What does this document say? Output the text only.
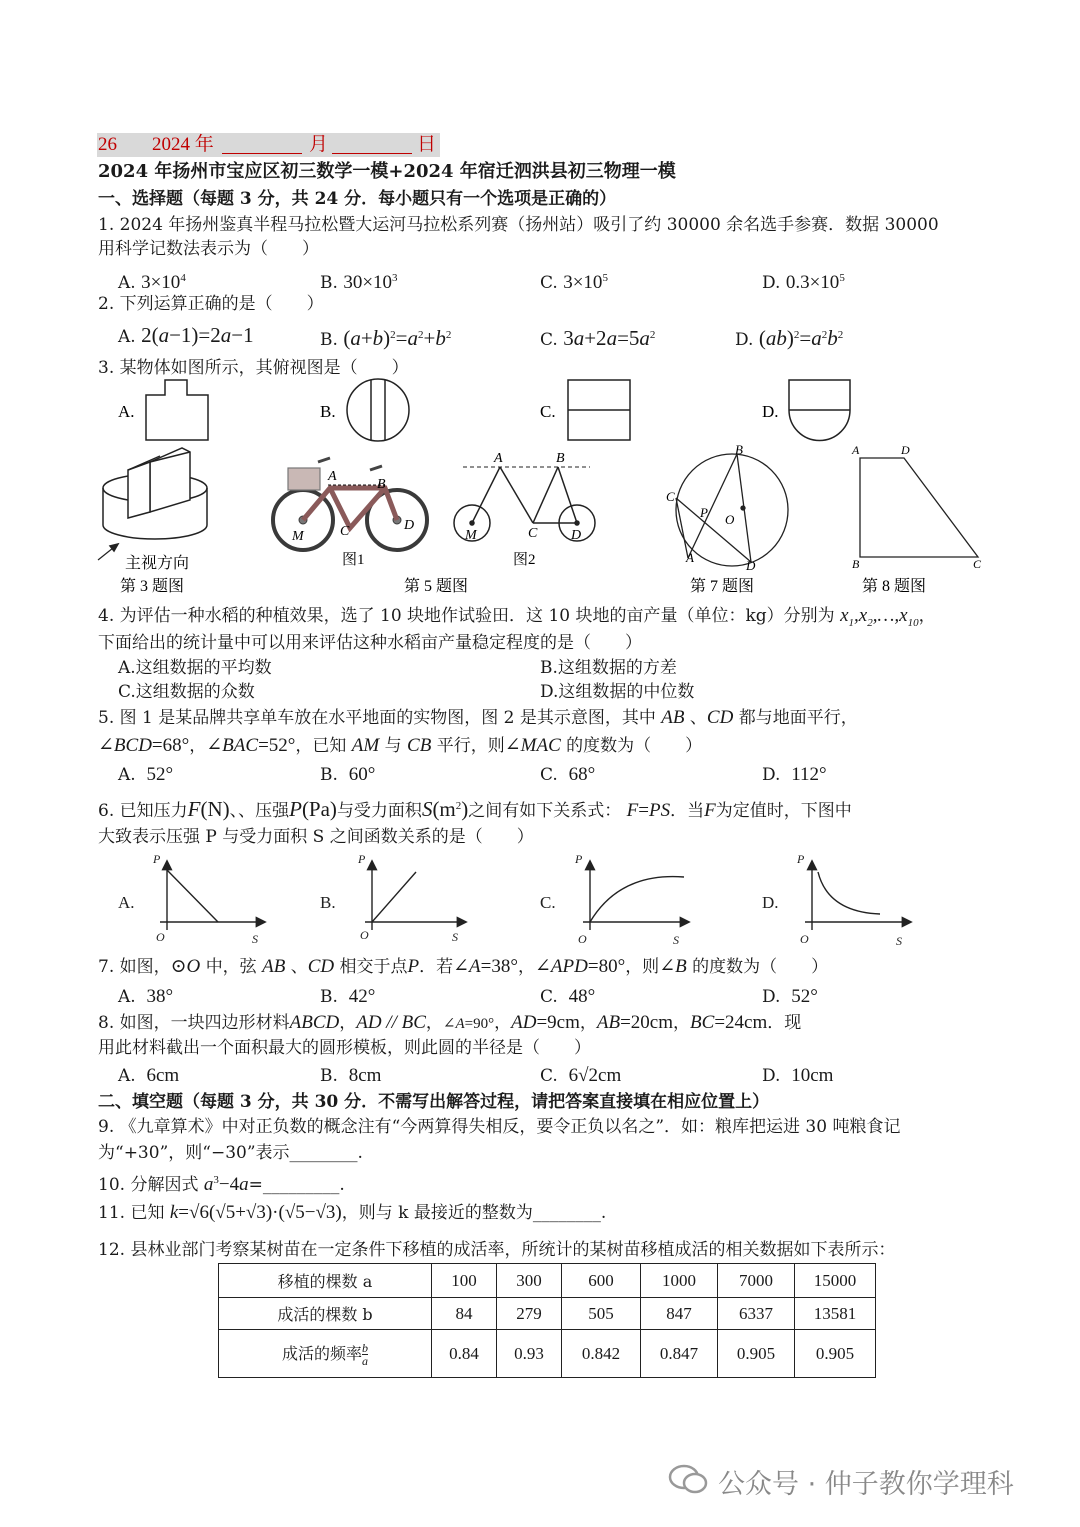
26 2024 年	月	日
2024 年扬州市宝应区初三数学一模+2024 年宿迁泗洪县初三物理一模
一、选择题（每题 3 分，共 24 分．每小题只有一个选项是正确的）
1. 2024 年扬州鉴真半程马拉松暨大运河马拉松系列赛（扬州站）吸引了约 30000 余名选手参赛．数据 30000
用科学记数法表示为（　　）
A. $3\times 10^4$	B. $30\times 10^3$	C. $3\times 10^5$	D. $0.3\times 10^5$
2. 下列运算正确的是（　　）
A. 2(a−1)=2a−1	B. $(a+b)^2=a^2+b^2$	C. $3a+2a=5a^2$	D. $(ab)^2=a^2b^2$
3. 某物体如图所示，其俯视图是（　　）
A.	B.	C.	D.
主视方向
A
B
M	C	D
图1
A	B
M	C D
图2
B
C
P O
A
D
A	D
B	C
第 3 题图	第 5 题图	第 7 题图	第 8 题图
4. 为评估一种水稻的种植效果，选了 10 块地作试验田．这 10 块地的亩产量（单位：kg）分别为 $x_1,x_2,\dots,x_{10}$，
下面给出的统计量中可以用来评估这种水稻亩产量稳定程度的是（　　）
A.这组数据的平均数	B.这组数据的方差
C.这组数据的众数	D.这组数据的中位数
5. 图 1 是某品牌共享单车放在水平地面的实物图，图 2 是其示意图，其中 AB 、CD 都与地面平行，
∠BCD=68°，∠BAC=52°，已知 AM 与 CB 平行，则∠MAC 的度数为（　　）
A.  52°	B.  60°	C.  68°	D.  112°
6. 已知压力F(N)、、压强P(Pa)与受力面积$S(m^2)$之间有如下关系式： F=PS．当F为定值时，下图中
大致表示压强 P 与受力面积 S 之间函数关系的是（　　）
A.	B.	C.	D.
P
O	S
P
O	S
P
O	S
P
O	S
7. 如图，⊙O 中，弦 AB 、CD 相交于点P．若∠A=38°，∠APD=80°，则∠B 的度数为（　　）
A.  38°	B.  42°	C.  48°	D.  52°
8. 如图，一块四边形材料ABCD，AD // BC，∠A=90°，AD=9cm，AB=20cm，BC=24cm．现
用此材料截出一个面积最大的圆形模板，则此圆的半径是（　　）
A.  6cm	B.  8cm	C.  6√2cm	D.  10cm
二、填空题（每题 3 分，共 30 分．不需写出解答过程，请把答案直接填在相应位置上）
9. 《九章算术》中对正负数的概念注有“今两算得失相反，要令正负以名之”．如：粮库把运进 30 吨粮食记
为“+30”，则“−30”表示________.
10. 分解因式 $a^3-4a=\_\_\_\_\_\_\_\_\_$.
11. 已知 k=√6(√5+√3)·(√5−√3)，则与 k 最接近的整数为________.
12. 县林业部门考察某树苗在一定条件下移植的成活率，所统计的某树苗移植成活的相关数据如下表所示：
移植的棵数 a	100	300	600	1000	7000	15000
成活的棵数 b	84	279	505	847	6337	13581
成活的频率 $\frac{b}{a}$	0.84	0.93	0.842	0.847	0.905	0.905
公众号 · 仲子教你学理科
